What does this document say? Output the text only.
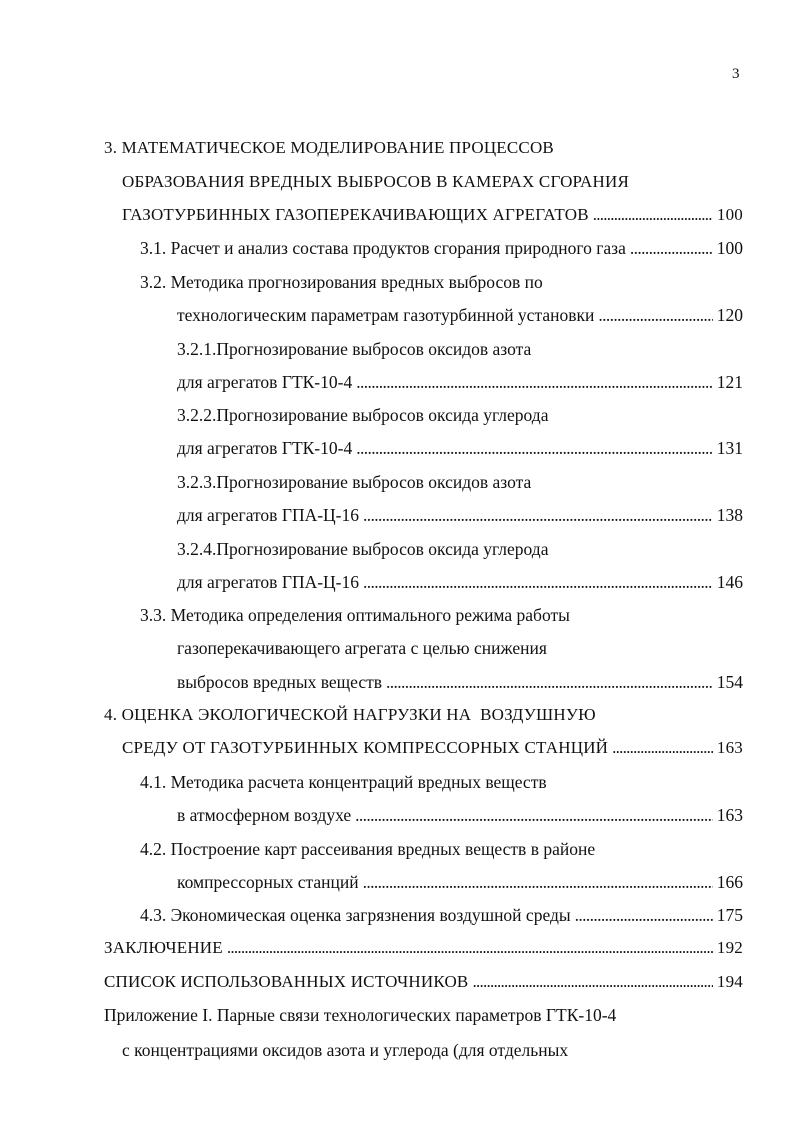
3
3. МАТЕМАТИЧЕСКОЕ МОДЕЛИРОВАНИЕ ПРОЦЕССОВ
ОБРАЗОВАНИЯ ВРЕДНЫХ ВЫБРОСОВ В КАМЕРАХ СГОРАНИЯ
ГАЗОТУРБИННЫХ ГАЗОПЕРЕКАЧИВАЮЩИХ АГРЕГАТОВ . . .	100
3.1. Расчет и анализ состава продуктов сгорания природного газа . . .	100
3.2. Методика прогнозирования вредных выбросов по
технологическим параметрам газотурбинной установки . . .	120
3.2.1.Прогнозирование выбросов оксидов азота
для агрегатов ГТК-10-4 . . .	121
3.2.2.Прогнозирование выбросов оксида углерода
для агрегатов ГТК-10-4 . . .	131
3.2.3.Прогнозирование выбросов оксидов азота
для агрегатов ГПА-Ц-16 . . .	138
3.2.4.Прогнозирование выбросов оксида углерода
для агрегатов ГПА-Ц-16 . . .	146
3.3. Методика определения оптимального режима работы
газоперекачивающего агрегата с целью снижения
выбросов вредных веществ . . .	154
4. ОЦЕНКА ЭКОЛОГИЧЕСКОЙ НАГРУЗКИ НА  ВОЗДУШНУЮ
СРЕДУ ОТ ГАЗОТУРБИННЫХ КОМПРЕССОРНЫХ СТАНЦИЙ . . .	163
4.1. Методика расчета концентраций вредных веществ
в атмосферном воздухе . . .	163
4.2. Построение карт рассеивания вредных веществ в районе
компрессорных станций . . .	166
4.3. Экономическая оценка загрязнения воздушной среды . . .	175
ЗАКЛЮЧЕНИЕ . . .	192
СПИСОК ИСПОЛЬЗОВАННЫХ ИСТОЧНИКОВ . . .	194
Приложение I. Парные связи технологических параметров ГТК-10-4
с концентрациями оксидов азота и углерода (для отдельных
